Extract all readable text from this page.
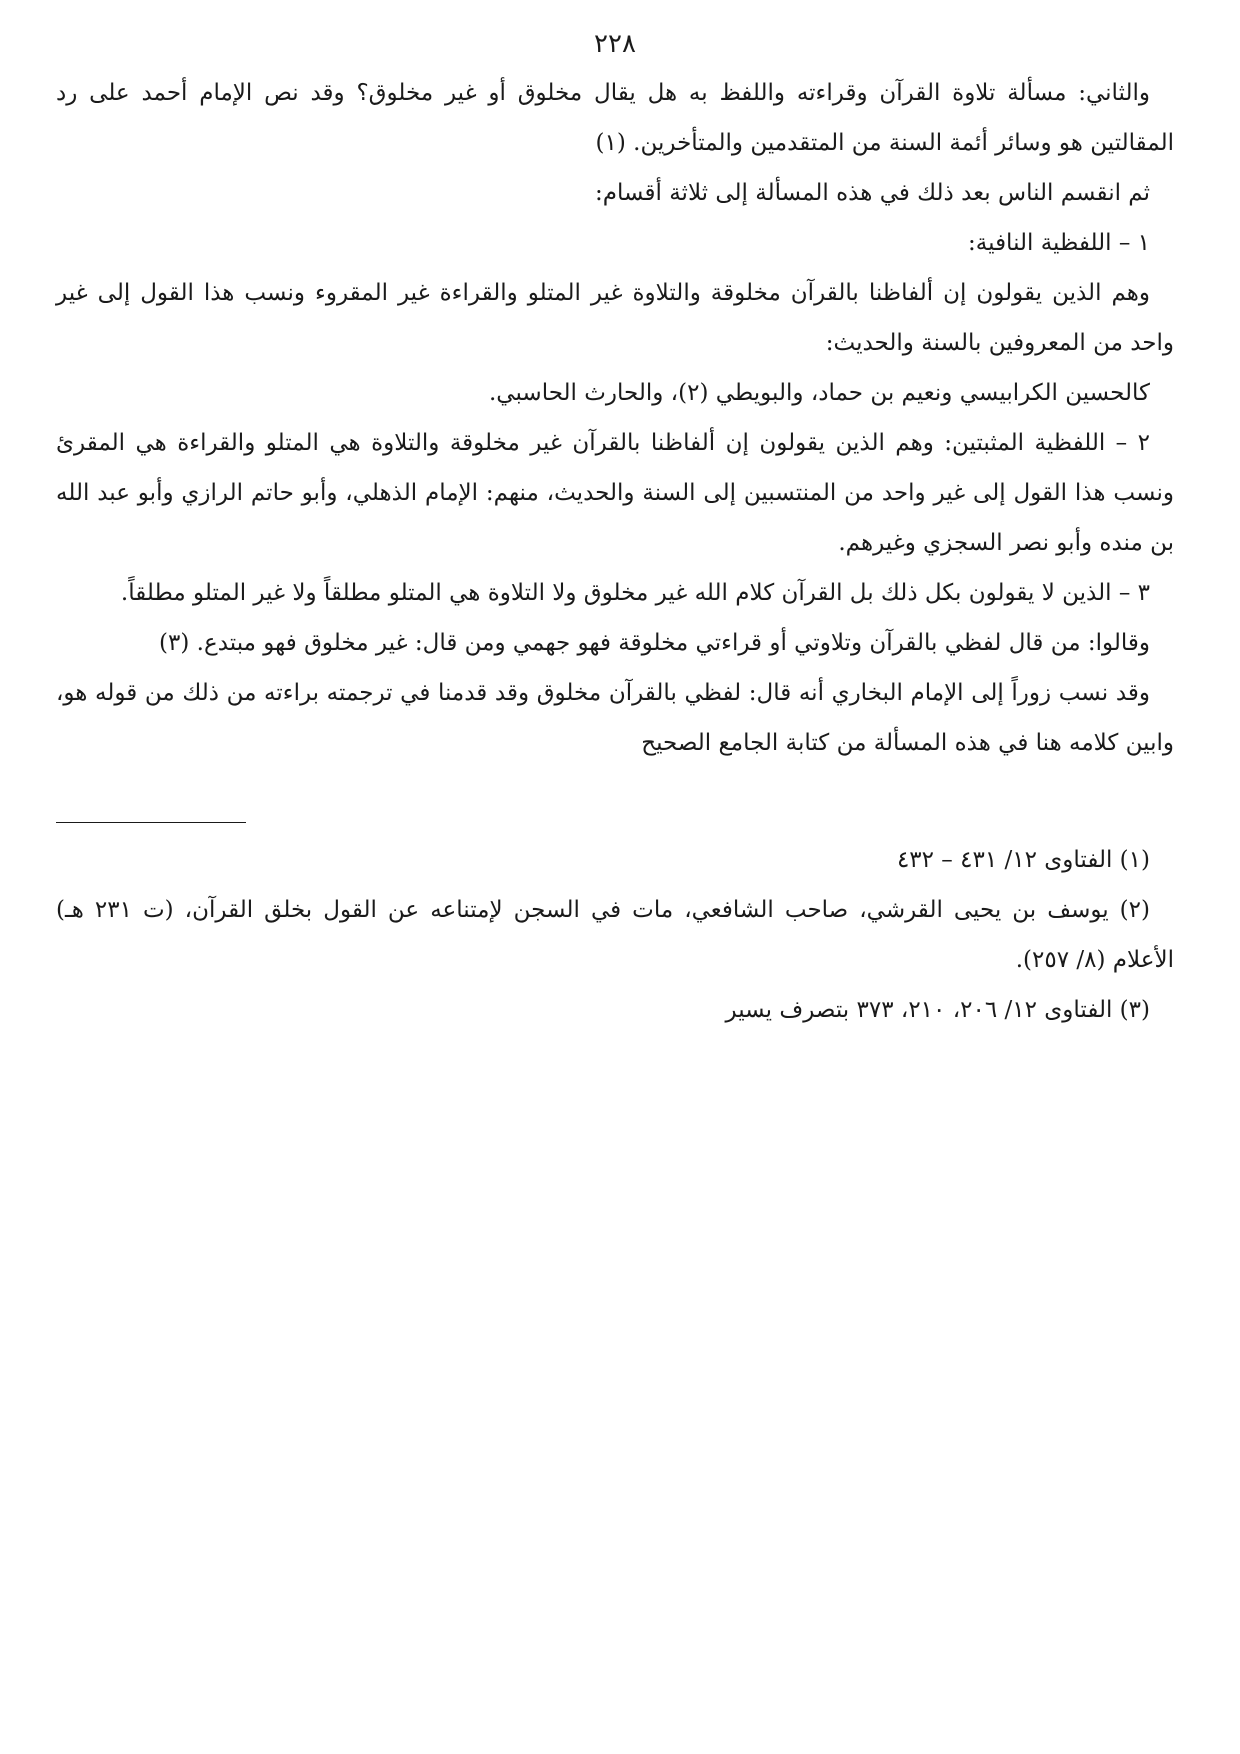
٢٢٨

والثاني: مسألة تلاوة القرآن وقراءته واللفظ به هل يقال مخلوق أو غير مخلوق؟ وقد نص الإمام أحمد على رد المقالتين هو وسائر أئمة السنة من المتقدمين والمتأخرين. (١)

ثم انقسم الناس بعد ذلك في هذه المسألة إلى ثلاثة أقسام:

١ – اللفظية النافية:

وهم الذين يقولون إن ألفاظنا بالقرآن مخلوقة والتلاوة غير المتلو والقراءة غير المقروء ونسب هذا القول إلى غير واحد من المعروفين بالسنة والحديث:

كالحسين الكرابيسي ونعيم بن حماد، والبويطي (٢)، والحارث الحاسبي.

٢ – اللفظية المثبتين: وهم الذين يقولون إن ألفاظنا بالقرآن غير مخلوقة والتلاوة هي المتلو والقراءة هي المقرئ ونسب هذا القول إلى غير واحد من المنتسبين إلى السنة والحديث، منهم: الإمام الذهلي، وأبو حاتم الرازي وأبو عبد الله بن منده وأبو نصر السجزي وغيرهم.

٣ – الذين لا يقولون بكل ذلك بل القرآن كلام الله غير مخلوق ولا التلاوة هي المتلو مطلقاً ولا غير المتلو مطلقاً.

وقالوا: من قال لفظي بالقرآن وتلاوتي أو قراءتي مخلوقة فهو جهمي ومن قال: غير مخلوق فهو مبتدع. (٣)

وقد نسب زوراً إلى الإمام البخاري أنه قال: لفظي بالقرآن مخلوق وقد قدمنا في ترجمته براءته من ذلك من قوله هو، وابين كلامه هنا في هذه المسألة من كتابة الجامع الصحيح

(١) الفتاوى ١٢/ ٤٣١ – ٤٣٢

(٢) يوسف بن يحيى القرشي، صاحب الشافعي، مات في السجن لإمتناعه عن القول بخلق القرآن، (ت ٢٣١ هـ) الأعلام (٨/ ٢٥٧).

(٣) الفتاوى ١٢/ ٢٠٦، ٢١٠، ٣٧٣ بتصرف يسير
